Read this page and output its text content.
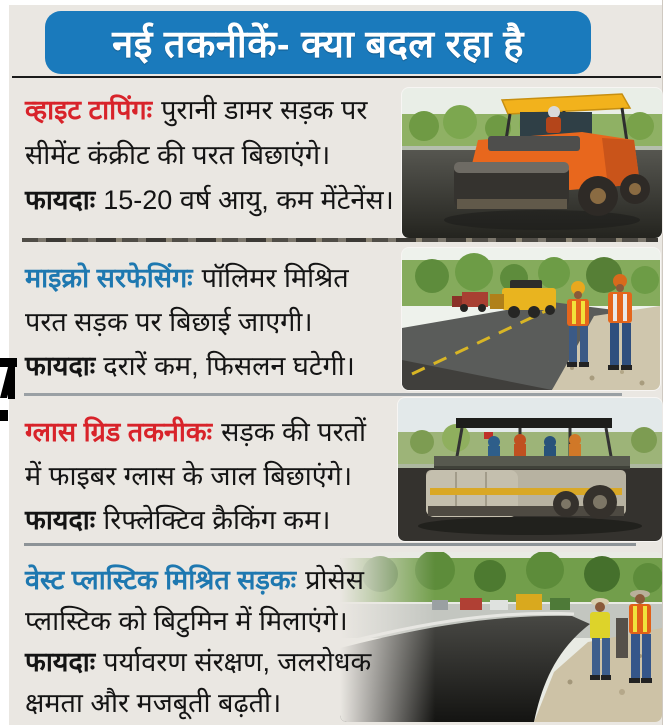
नई तकनीकें- क्या बदल रहा है
व्हाइट टापिंगः पुरानी डामर सड़क पर
सीमेंट कंक्रीट की परत बिछाएंगे।
फायदाः 15-20 वर्ष आयु, कम मेंटेनेंस।
माइक्रो सरफेसिंगः पॉलिमर मिश्रित
परत सड़क पर बिछाई जाएगी।
फायदाः दरारें कम, फिसलन घटेगी।
ग्लास ग्रिड तकनीकः सड़क की परतों
में फाइबर ग्लास के जाल बिछाएंगे।
फायदाः रिफ्लेक्टिव क्रैकिंग कम।
वेस्ट प्लास्टिक मिश्रित सड़कः प्रोसेस
प्लास्टिक को बिटुमिन में मिलाएंगे।
फायदाः पर्यावरण संरक्षण, जलरोधक
क्षमता और मजबूती बढ़ती।
